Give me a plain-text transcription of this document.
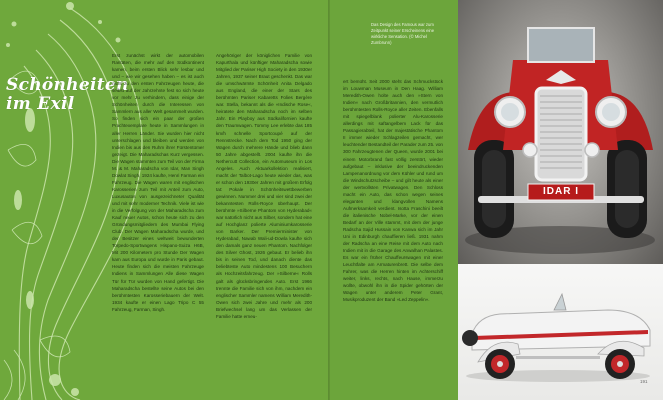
Schönheiten
im Exil

Erst zunächst wirkt der automobilen Raritäten, die mehr auf den Südkontinent kamen, beim ersten Blick sehr lesbar und und – wie wir gesehen haben – es ist auch nicht zu den ersten Fahrzeugen heute, die selbst auf der Jahrzehnte fest so sich heute vor mehr zu verhindern, dass einige der Schönheiten durch die Interessen von Sammlern aus aller Welt gesammelt wurden. So finden sich ein paar der großen Prachtexemplare heute in Sammlungen in aller Herren Länder. Sie wurden hier nicht unterschlagen und bleiben und werden von Indien bis aus den Ruhm ihrer Fürstentümer gezeigt. Die Maharadschas Kurz vergessen. Die Wagen stammten zum Teil von der Firma M. & M. Maharadscha von Idar, Man Singh Dowlat Singh, 1924 kaufte, Henri Farman ein Fahrzeug. Die Wagen waren mit englischen Karosserien zum Teil mit Anteil zum Auto, Luxusautos von ausgezeichneter Qualität und mit sehr moderner Technik. Viele ist wie in die Verfolgung von der Maharadscha zum Kauf neuer Autos, schon heute sich zu den Gründungsmitgliedern des Mumbai Flying Club. Der Wagen Maharadscha wurde, und der Besitzer eines weltweit bewunderten Torpedo-Sportwagens Hispano-Suiza H6B, Mit 200 Kilometern pro Stunde Der Wagen kam aus Europa und wurde in Paris gebaut. Heute finden sich die meisten Fahrzeuge Indiens in Sammlungen Alle diese Wagen Tür für Tür wurden von Hand gefertigt. Die Maharadscha bestellte seine Autos bei den berühmtesten Karosseriebauern der Welt. 1934 kaufte er einen Lago Tripo C 55 Fahrzeug, Farman, Singh.

Angehöriger der königlichen Familie von Kapurthala und künftiger Maharadscha sowie Mitglied der Pariser High Society in den 1930er Jahren, 1937 seiner Braut geschenkt. Das war die umschwärmte Schönheit Anita Delgado aus England, die einer der Stars des berühmten Pariser Kabaretts Folies Bergère war. Stella, bekannt als die »Indische Rose«, heiratete den Maharadscha noch im selben Jahr. Ein Playboy aus Südkalifornien kaufte den Traumwagen. Tommy Lee erlebte das 185 km/h schnelle Sportcoupé auf der Rennstrecke. Nach dem Tod 1950 ging der Wagen durch mehrere Hände und blieb dann 50 Jahre abgestellt. 2004 kaufte ihn die Nethercutt Collection, ein Automuseum in Los Angeles. Auch Aktuarkollektion realisiert, macht der Talbot-Lago heute wieder das, was er schon den 1930er Jahren mit großem Erfolg tat: Pokale in Schönheitswettbewerben gewinnen. Nummer drei und vier sind zwei der bekanntesten Rolls-Royce überhaupt. Der berühmte »Silberne Phantom von Hyderabad« war natürlich nicht aus Silber, sondern hat eine auf Hochglanz polierte Aluminiumkarosserie von Barker. Der Premierminister von Hyderabad, Nawab Wali-ud-Dowla kaufte sich den damals ganz neuen Phantom. Nachfolger des Silver Ghost, 1926 gebaut. Er belieb ihn bis in seinen Tod, und danach diente das beliebteste Auto mindestens 100 Besuchern als Hochzeitsfahrzeug. Der »Silberne« Rolls galt als glücksbringendes Auto. Erst 1966 trennte die Familie sich von ihm, nachdem ein englischer Sammler namens William Meredith-Owen sich zwei Jahre und mehr als 200 Briefwechsel lang um das Verlassen der Familie hatte erneu-

Das Design des Famous war zum Zeitpunkt seiner Erscheinens eine wirkliche Sensation. (© Michel Zumbrunn)

ert bemüht. Seit 2000 steht das Schmuckstück im Louwman Museum in Den Haag. William Meredith-Owen holte auch den »Stern von Indien« nach Großbritannien, den vermutlich berühmtesten Rolls-Royce aller Zeiten. Ebenfalls mit spiegelblank polierter Alu-Karosserie allerdings mit saftangelbem Lack für das Passagierabteil, hat der majestätische Phantom II immer wieder Schlagzeilen gemacht, wer leuchtender Bestandteil der Parader zum 25. von 300 Fahrzeugtenen der Queen, wurde 2001 bei einem Motorbrand fast völlig zerstört, wieder aufgebaut – inklusive der beeindruckenden Lampenanordnung vor dem Kühler und rund um die Windschutzscheibe – und gilt heute als einer der wertvollsten Privatwagen. Den Schloss macht ein Auto, das schon wegen seines eleganten und klangvollen Namens Aufmerksamkeit verdient. Isotta Fraschini beeilt die italienische Nobel-Marke, vor der einen Bedarf an der Ville stammt, mit dem der junge Radscha Sajid Hussain von Kanwa sich im Jahr Uni in Edinburgh chauffieren ließ. 1931 nahm der Radscha an eine Reise mit dem Auto nach Indien mit in die Garage des Anwalhan Palastes. Es war ein früher Chauffeurswagen mit einer Leuchtfalte am Armaturenbrett. Die selbe dem Fahrer, was die Herren hinten im Achterschiff weiter, links, rechts, nach Hause, immerzu wollte, obwohl ihn in die Spider gehörten der Wagen unter anderem Peter Grant, Musikproduzent der Band »Led Zeppelin«.

IDAR I
191
